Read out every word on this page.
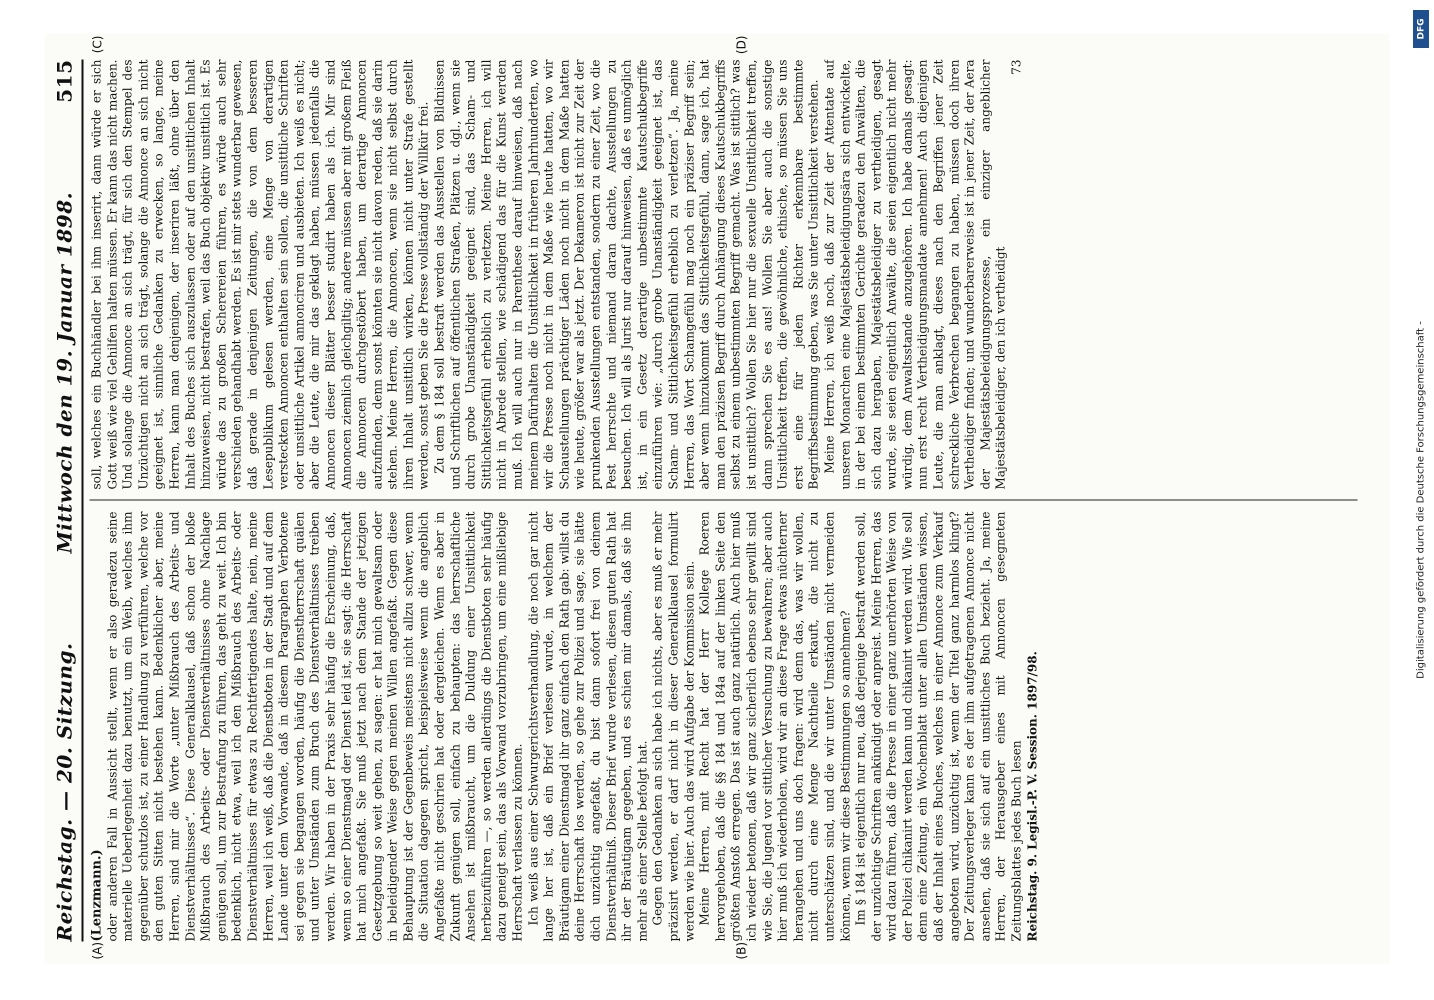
Reichstag. — 20. Sitzung.
Mittwoch den 19. Januar 1898.
515

(Lenzmann.) oder anderen Fall in Aussicht stellt, wenn er also geradezu seine materielle Ueberlegenheit dazu benutzt, um ein Weib, welches ihm gegenüber schutzlos ist, zu einer Handlung zu verführen, welche vor den guten Sitten nicht bestehen kann. Bedenklicher aber, meine Herren, sind mir die Worte „unter Mißbrauch des Arbeits- und Dienstverhältnisses“. Diese Generalklausel, daß schon der bloße Mißbrauch des Arbeits- oder Dienstverhältnisses ohne Nachlage genügen soll, um zur Bestrafung zu führen, das geht zu weit. Ich bin bedenklich, nicht etwa, weil ich den Mißbrauch des Arbeits- oder Dienstverhältnisses für etwas zu Rechtfertigendes halte, nein, meine Herren, weil ich weiß, daß die Dienstboten in der Stadt und auf dem Lande unter dem Vorwande, daß in diesem Paragraphen Verbotene sei gegen sie begangen worden, häufig die Dienstherrschaft quälen und unter Umständen zum Bruch des Dienstverhältnisses treiben werden. Wir haben in der Praxis sehr häufig die Erscheinung, daß, wenn so einer Dienstmagd der Dienst leid ist, sie sagt: die Herrschaft hat mich angefaßt. Sie muß jetzt nach dem Stande der jetzigen Gesetzgebung so weit gehen, zu sagen: er hat mich gewaltsam oder in beleidigender Weise gegen meinen Willen angefaßt. Gegen diese Behauptung ist der Gegenbeweis meistens nicht allzu schwer, wenn die Situation dagegen spricht, beispielsweise wenn die angeblich Angefaßte nicht geschrien hat oder dergleichen. Wenn es aber in Zukunft genügen soll, einfach zu behaupten: das herrschaftliche Ansehen ist mißbraucht, um die Duldung einer Unsittlichkeit herbeizuführen —, so werden allerdings die Dienstboten sehr häufig dazu geneigt sein, das als Vorwand vorzubringen, um eine mißliebige Herrschaft verlassen zu können. Ich weiß aus einer Schwurgerichtsverhandlung, die noch gar nicht lange her ist, daß ein Brief verlesen wurde, in welchem der Bräutigam einer Dienstmagd ihr ganz einfach den Rath gab: willst du deine Herrschaft los werden, so gehe zur Polizei und sage, sie hätte dich unzüchtig angefaßt, du bist dann sofort frei von deinem Dienstverhältniß. Dieser Brief wurde verlesen, diesen guten Rath hat ihr der Bräutigam gegeben, und es schien mir damals, daß sie ihn mehr als einer Stelle befolgt hat. Gegen den Gedanken an sich habe ich nichts, aber es muß er mehr präzisirt werden, er darf nicht in dieser Generalklausel formulirt werden wie hier. Auch das wird Aufgabe der Kommission sein. Meine Herren, mit Recht hat der Herr Kollege Roeren hervorgehoben, daß die §§ 184 und 184a auf der linken Seite den größten Anstoß erregen. Das ist auch ganz natürlich. Auch hier muß ich wieder betonen, daß wir ganz sicherlich ebenso sehr gewillt sind wie Sie, die Jugend vor sittlicher Versuchung zu bewahren; aber auch hier muß ich wiederholen, wird wir an diese Frage etwas nüchterner herangehen und uns doch fragen: wird denn das, was wir wollen, nicht durch eine Menge Nachtheile erkauft, die nicht zu unterschätzen sind, und die wir unter Umständen nicht vermeiden können, wenn wir diese Bestimmungen so annehmen? Im § 184 ist eigentlich nur neu, daß derjenige bestraft werden soll, der unzüchtige Schriften ankündigt oder anpreist. Meine Herren, das wird dazu führen, daß die Presse in einer ganz unerhörten Weise von der Polizei chikanirt werden kann und chikanirt werden wird. Wie soll denn eine Zeitung, ein Wochenblatt unter allen Umständen wissen, daß der Inhalt eines Buches, welches in einer Annonce zum Verkauf angeboten wird, unzüchtig ist, wenn der Titel ganz harmlos klingt? Der Zeitungsverleger kann es der ihm aufgetragenen Annonce nicht ansehen, daß sie sich auf ein unsittliches Buch bezieht. Ja, meine Herren, der Herausgeber eines mit Annoncen gesegneten Zeitungsblattes jedes Buch lesen Reichstag. 9. Legisl.-P. V. Session. 1897/98.

soll, welches ein Buchhändler bei ihm inserirt, dann würde er sich Gott weiß wie viel Gehilfen halten müssen. Er kann das nicht machen. Und solange die Annonce an sich trägt, für sich den Stempel des Unzüchtigen nicht an sich trägt, solange die Annonce an sich nicht geeignet ist, sinnliche Gedanken zu erwecken, so lange, meine Herren, kann man denjenigen, der inseriren läßt, ohne über den Inhalt des Buches sich auszulassen oder auf den unsittlichen Inhalt hinzuweisen, nicht bestrafen, weil das Buch objektiv unsittlich ist. Es würde das zu großen Scherereien führen, es würde auch sehr verschieden gehandhabt werden. Es ist mir stets wunderbar gewesen, daß gerade in denjenigen Zeitungen, die von dem besseren Lesepublikum gelesen werden, eine Menge von derartigen versteckten Annoncen enthalten sein sollen, die unsittliche Schriften oder unsittliche Artikel annonciren und ausbieten. Ich weiß es nicht; aber die Leute, die mir das geklagt haben, müssen jedenfalls die Annoncen dieser Blätter besser studirt haben als ich. Mir sind Annoncen ziemlich gleichgiltig; andere müssen aber mit großem Fleiß die Annoncen durchgestöbert haben, um derartige Annoncen aufzufinden, denn sonst könnten sie nicht davon reden, daß sie darin stehen. Meine Herren, die Annoncen, wenn sie nicht selbst durch ihren Inhalt unsittlich wirken, können nicht unter Strafe gestellt werden, sonst geben Sie die Presse vollständig der Willkür frei. Zu dem § 184 soll bestraft werden das Ausstellen von Bildnissen und Schriftlichen auf öffentlichen Straßen, Plätzen u. dgl., wenn sie durch grobe Unanständigkeit geeignet sind, das Scham- und Sittlichkeitsgefühl erheblich zu verletzen. Meine Herren, ich will nicht in Abrede stellen, wie schädigend das für die Kunst werden muß. Ich will auch nur in Parenthese darauf hinweisen, daß nach meinem Dafürhalten die Unsittlichkeit in früheren Jahrhunderten, wo wir die Presse noch nicht in dem Maße wie heute hatten, wo wir Schaustellungen prächtiger Läden noch nicht in dem Maße hatten wie heute, größer war als jetzt. Der Dekameron ist nicht zur Zeit der prunkenden Ausstellungen entstanden, sondern zu einer Zeit, wo die Pest herrschte und niemand daran dachte, Ausstellungen zu besuchen. Ich will als Jurist nur darauf hinweisen, daß es unmöglich ist, in ein Gesetz derartige unbestimmte Kautschukbegriffe einzuführen wie: „durch grobe Unanständigkeit geeignet ist, das Scham- und Sittlichkeitsgefühl erheblich zu verletzen“. Ja, meine Herren, das Wort Schamgefühl mag noch ein präziser Begriff sein; aber wenn hinzukommt das Sittlichkeitsgefühl, dann, sage ich, hat man den präzisen Begriff durch Anhängung dieses Kautschukbegriffs selbst zu einem unbestimmten Begriff gemacht. Was ist sittlich? was ist unsittlich? Wollen Sie hier nur die sexuelle Unsittlichkeit treffen, dann sprechen Sie es aus! Wollen Sie aber auch die sonstige Unsittlichkeit treffen, die gewöhnliche, ethische, so müssen Sie uns erst eine für jeden Richter erkennbare bestimmte Begriffsbestimmung geben, was Sie unter Unsittlichkeit verstehen. Meine Herren, ich weiß noch, daß zur Zeit der Attentate auf unseren Monarchen eine Majestätsbeleidigungsära sich entwickelte, in der bei einem bestimmten Gerichte geradezu den Anwälten, die sich dazu hergaben, Majestätsbeleidiger zu vertheidigen, gesagt wurde, sie seien eigentlich Anwälte, die seien eigentlich nicht mehr würdig, dem Anwaltsstande anzugehören. Ich habe damals gesagt: nun erst recht Vertheidigungsmandate annehmen! Auch diejenigen Leute, die man anklagt, dieses nach den Begriffen jener Zeit schreckliche Verbrechen begangen zu haben, müssen doch ihren Vertheidiger finden; und wunderbarerweise ist in jener Zeit, der Aera der Majestätsbeleidigungsprozesse, ein einziger angeblicher Majestätsbeleidiger, den ich vertheidigt

73

(A)	(B)
(C)	(D)
DFG
Digitalisierung gefördert durch die Deutsche Forschungsgemeinschaft -
